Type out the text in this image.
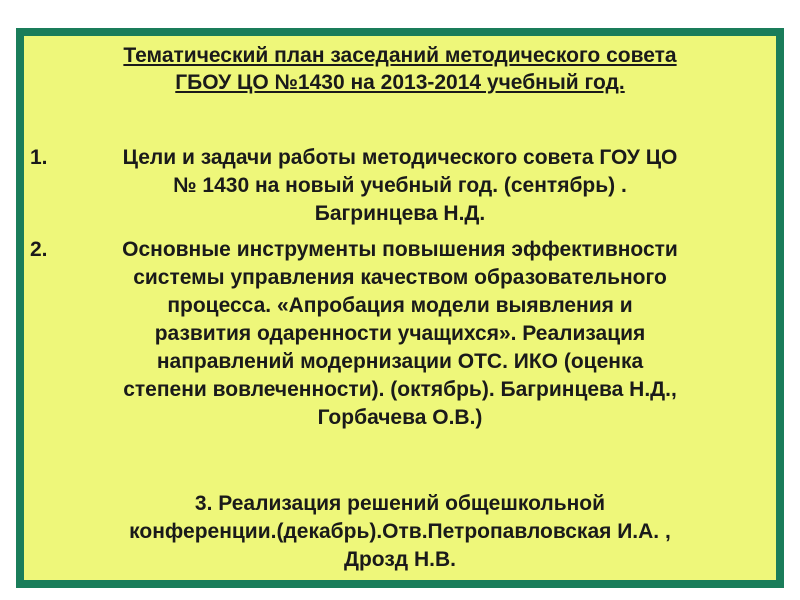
Тематический план заседаний методического совета
ГБОУ ЦО №1430 на 2013-2014 учебный год.
1.	Цели и задачи работы методического совета ГОУ ЦО
№ 1430 на новый учебный год. (сентябрь) .
Багринцева Н.Д.
2.	Основные инструменты повышения эффективности
системы управления качеством образовательного
процесса. «Апробация модели выявления и
развития одаренности учащихся». Реализация
направлений модернизации ОТС. ИКО (оценка
степени вовлеченности). (октябрь). Багринцева Н.Д.,
Горбачева О.В.)
3. Реализация решений общешкольной
конференции.(декабрь).Отв.Петропавловская И.А. ,
Дрозд Н.В.
